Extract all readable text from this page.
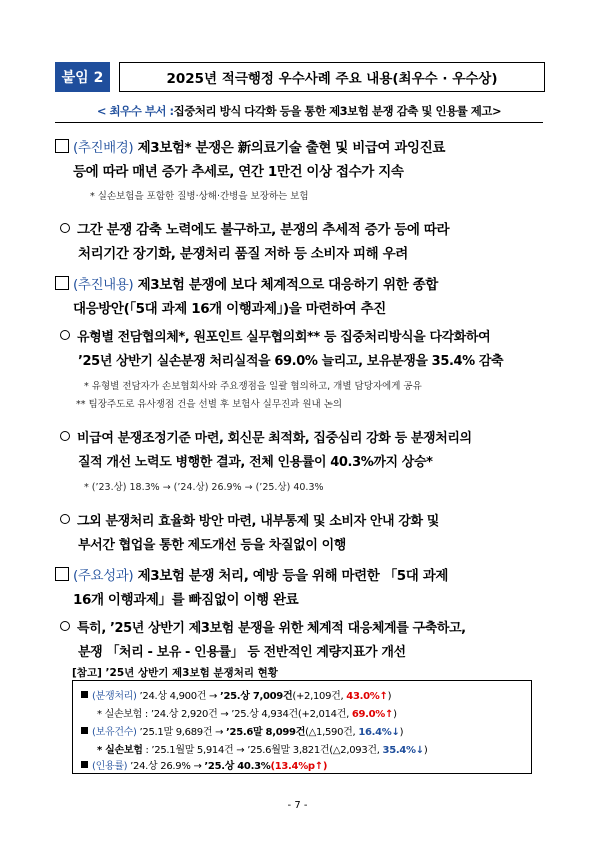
붙임 2	2025년 적극행정 우수사례 주요 내용(최우수 · 우수상)
< 최우수 부서 : 집중처리 방식 다각화 등을 통한 제3보험 분쟁 감축 및 인용률 제고>
(추진배경) 제3보험* 분쟁은 新의료기술 출현 및 비급여 과잉진료
등에 따라 매년 증가 추세로, 연간 1만건 이상 접수가 지속
* 실손보험을 포함한 질병·상해·간병을 보장하는 보험
그간 분쟁 감축 노력에도 불구하고, 분쟁의 추세적 증가 등에 따라
처리기간 장기화, 분쟁처리 품질 저하 등 소비자 피해 우려
(추진내용) 제3보험 분쟁에 보다 체계적으로 대응하기 위한 종합
대응방안(「5대 과제 16개 이행과제」)을 마련하여 추진
유형별 전담협의체*, 원포인트 실무협의회** 등 집중처리방식을 다각화하여
’25년 상반기 실손분쟁 처리실적을 69.0% 늘리고, 보유분쟁을 35.4% 감축
* 유형별 전담자가 손보협회사와 주요쟁점을 일괄 협의하고, 개별 담당자에게 공유
** 팀장주도로 유사쟁점 건을 선별 후 보험사 실무진과 원내 논의
비급여 분쟁조정기준 마련, 회신문 최적화, 집중심리 강화 등 분쟁처리의
질적 개선 노력도 병행한 결과, 전체 인용률이 40.3%까지 상승*
* (’23.상) 18.3% → (’24.상) 26.9% → (’25.상) 40.3%
그외 분쟁처리 효율화 방안 마련, 내부통제 및 소비자 안내 강화 및
부서간 협업을 통한 제도개선 등을 차질없이 이행
(주요성과) 제3보험 분쟁 처리, 예방 등을 위해 마련한 「5대 과제
16개 이행과제」를 빠짐없이 이행 완료
특히, ’25년 상반기 제3보험 분쟁을 위한 체계적 대응체계를 구축하고,
분쟁 「처리 - 보유 - 인용률」 등 전반적인 계량지표가 개선
[참고] ’25년 상반기 제3보험 분쟁처리 현황
(분쟁처리) ’24.상 4,900건 → ’25.상 7,009건(+2,109건, 43.0%↑)
* 실손보험 : ’24.상 2,920건 → ’25.상 4,934건(+2,014건, 69.0%↑)
(보유건수) ’25.1말 9,689건 → ’25.6말 8,099건(△1,590건, 16.4%↓)
* 실손보험 : ’25.1월말 5,914건 → ’25.6월말 3,821건(△2,093건, 35.4%↓)
(인용률) ’24.상 26.9% → ’25.상 40.3%(13.4%p↑)
- 7 -
